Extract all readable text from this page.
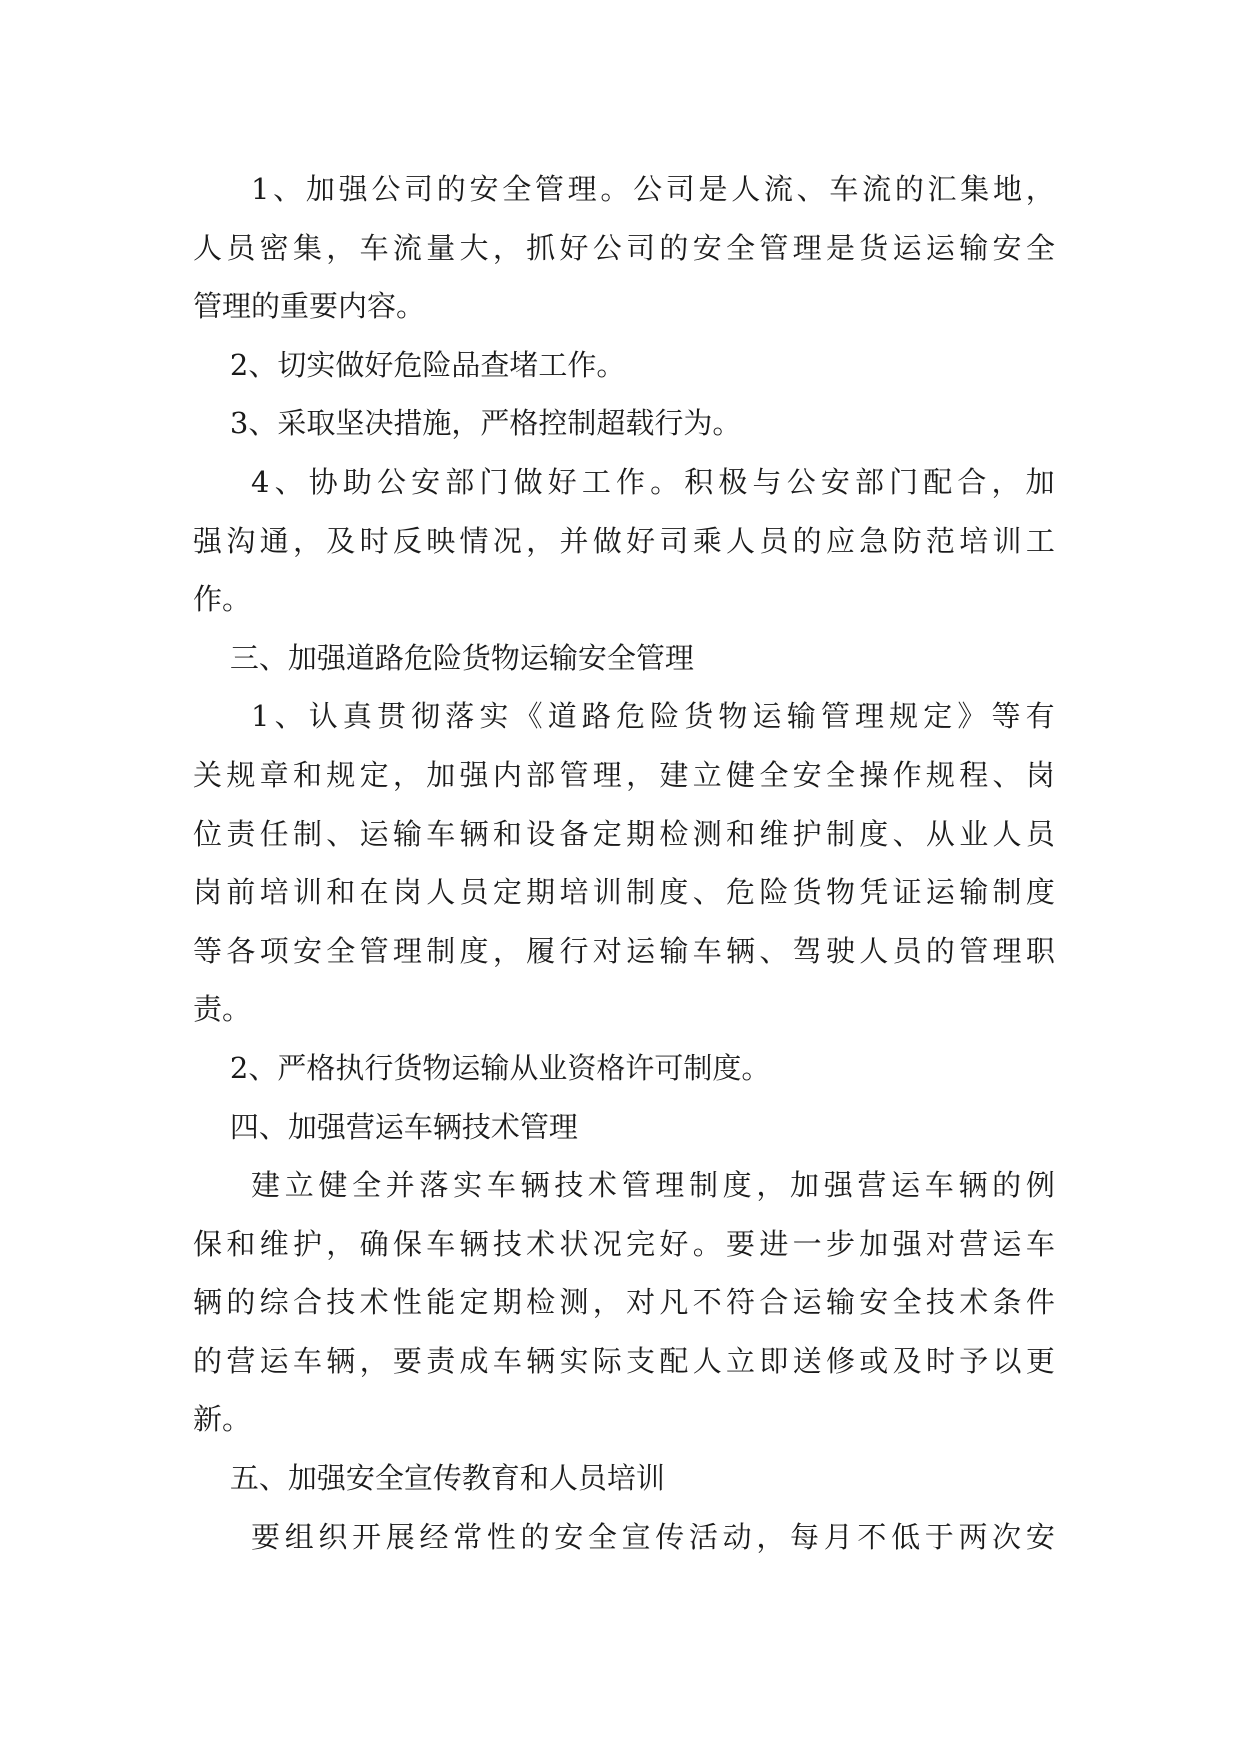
1 、 加 强 公 司 的 安 全 管 理 。 公 司 是 人 流 、 车 流 的 汇 集 地 ，
人 员 密 集 ， 车 流 量 大 ， 抓 好 公 司 的 安 全 管 理 是 货 运 运 输 安 全
管理的重要内容。
2、切实做好危险品查堵工作。
3、采取坚决措施，严格控制超载行为。
4 、 协 助 公 安 部 门 做 好 工 作 。 积 极 与 公 安 部 门 配 合 ， 加
强 沟 通 ， 及 时 反 映 情 况 ， 并 做 好 司 乘 人 员 的 应 急 防 范 培 训 工
作。
三、加强道路危险货物运输安全管理
1 、 认 真 贯 彻 落 实 《 道 路 危 险 货 物 运 输 管 理 规 定 》 等 有
关 规 章 和 规 定 ， 加 强 内 部 管 理 ， 建 立 健 全 安 全 操 作 规 程 、 岗
位 责 任 制 、 运 输 车 辆 和 设 备 定 期 检 测 和 维 护 制 度 、 从 业 人 员
岗 前 培 训 和 在 岗 人 员 定 期 培 训 制 度 、 危 险 货 物 凭 证 运 输 制 度
等 各 项 安 全 管 理 制 度 ， 履 行 对 运 输 车 辆 、 驾 驶 人 员 的 管 理 职
责。
2、严格执行货物运输从业资格许可制度。
四、加强营运车辆技术管理
建 立 健 全 并 落 实 车 辆 技 术 管 理 制 度 ， 加 强 营 运 车 辆 的 例
保 和 维 护 ， 确 保 车 辆 技 术 状 况 完 好 。 要 进 一 步 加 强 对 营 运 车
辆 的 综 合 技 术 性 能 定 期 检 测 ， 对 凡 不 符 合 运 输 安 全 技 术 条 件
的 营 运 车 辆 ， 要 责 成 车 辆 实 际 支 配 人 立 即 送 修 或 及 时 予 以 更
新。
五、加强安全宣传教育和人员培训
要 组 织 开 展 经 常 性 的 安 全 宣 传 活 动 ， 每 月 不 低 于 两 次 安
